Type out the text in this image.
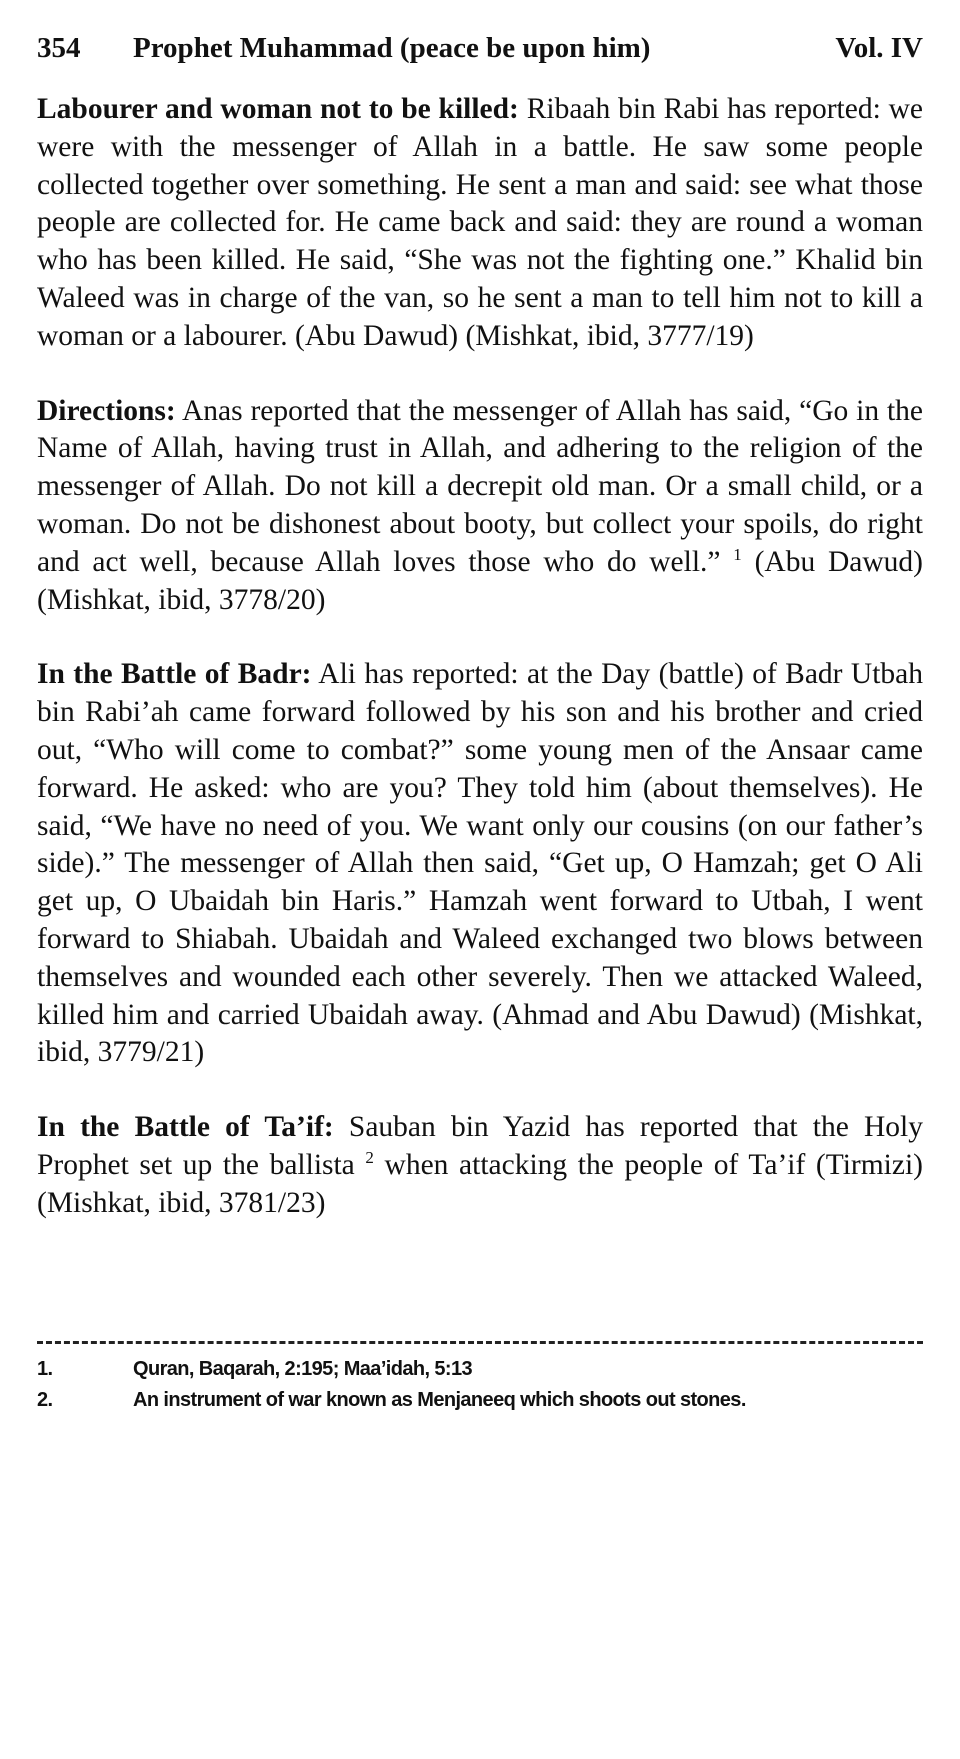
354	Prophet Muhammad (peace be upon him)	Vol. IV

Labourer and woman not to be killed: Ribaah bin Rabi has reported: we were with the messenger of Allah in a battle. He saw some people collected together over something. He sent a man and said: see what those people are collected for. He came back and said: they are round a woman who has been killed. He said, “She was not the fighting one.” Khalid bin Waleed was in charge of the van, so he sent a man to tell him not to kill a woman or a labourer. (Abu Dawud) (Mishkat, ibid, 3777/19)

Directions: Anas reported that the messenger of Allah has said, “Go in the Name of Allah, having trust in Allah, and adhering to the religion of the messenger of Allah. Do not kill a decrepit old man. Or a small child, or a woman. Do not be dishonest about booty, but collect your spoils, do right and act well, because Allah loves those who do well.” $^1$ (Abu Dawud) (Mishkat, ibid, 3778/20)

In the Battle of Badr: Ali has reported: at the Day (battle) of Badr Utbah bin Rabi’ah came forward followed by his son and his brother and cried out, “Who will come to combat?” some young men of the Ansaar came forward. He asked: who are you? They told him (about themselves). He said, “We have no need of you. We want only our cousins (on our father’s side).” The messenger of Allah then said, “Get up, O Hamzah; get O Ali get up, O Ubaidah bin Haris.” Hamzah went forward to Utbah, I went forward to Shiabah. Ubaidah and Waleed exchanged two blows between themselves and wounded each other severely. Then we attacked Waleed, killed him and carried Ubaidah away. (Ahmad and Abu Dawud) (Mishkat, ibid, 3779/21)

In the Battle of Ta’if: Sauban bin Yazid has reported that the Holy Prophet set up the ballista $^2$ when attacking the people of Ta’if (Tirmizi) (Mishkat, ibid, 3781/23)

1.	Quran, Baqarah, 2:195; Maa’idah, 5:13
2.	An instrument of war known as Menjaneeq which shoots out stones.
